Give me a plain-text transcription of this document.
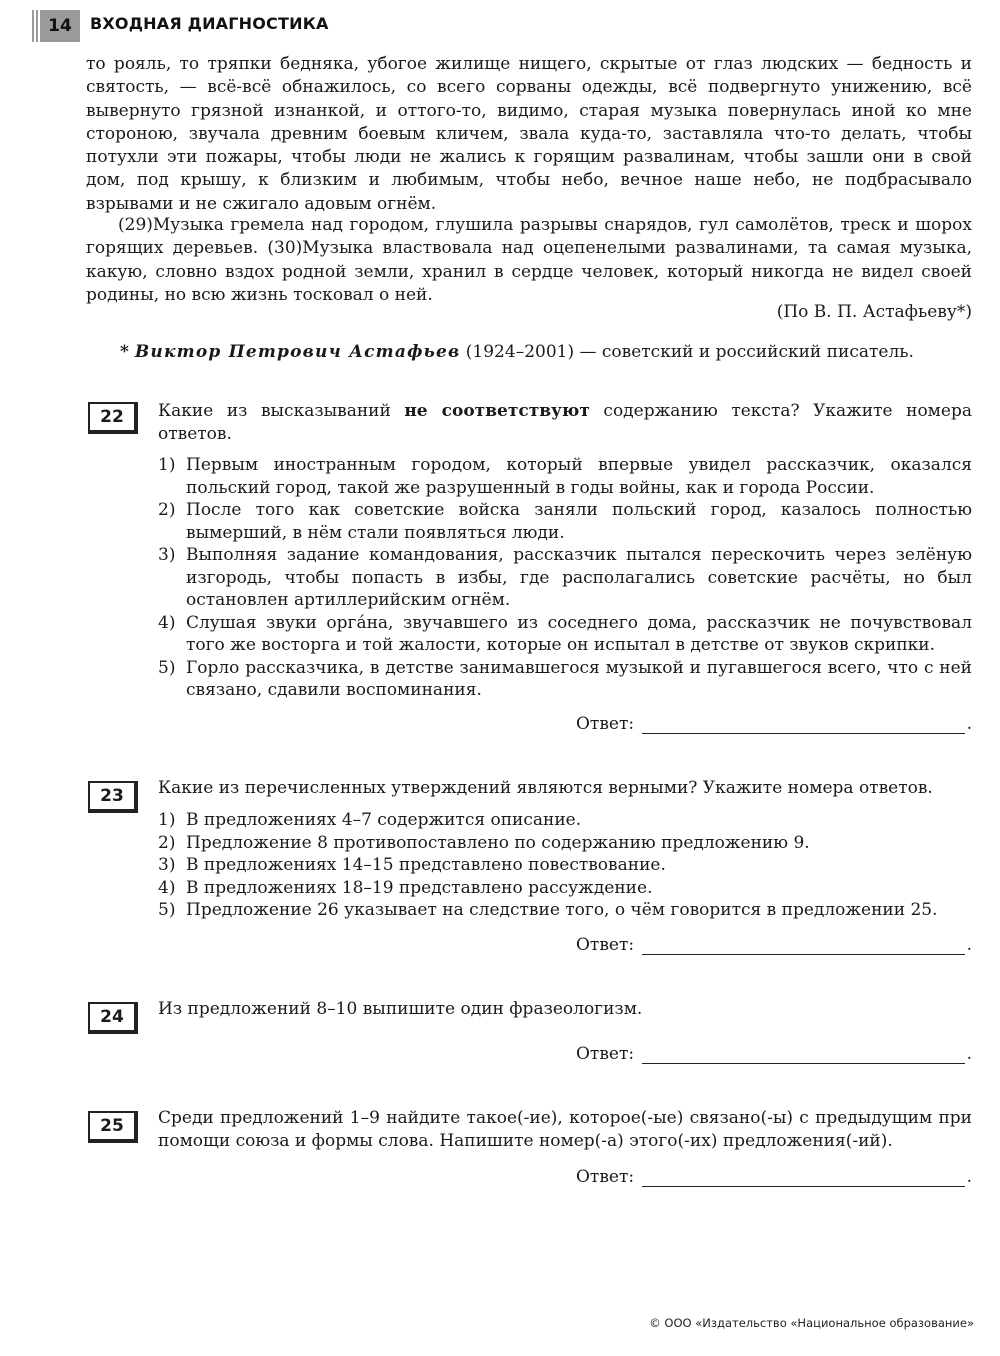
14	ВХОДНАЯ ДИАГНОСТИКА

то рояль, то тряпки бедняка, убогое жилище нищего, скрытые от глаз людских — бедность и святость, — всё-всё обнажилось, со всего сорваны одежды, всё подвергнуто унижению, всё вывернуто грязной изнанкой, и оттого-то, видимо, старая музыка повернулась иной ко мне стороною, звучала древним боевым кличем, звала куда-то, заставляла что-то делать, чтобы потухли эти пожары, чтобы люди не жались к горящим развалинам, чтобы зашли они в свой дом, под крышу, к близким и любимым, чтобы небо, вечное наше небо, не подбрасывало взрывами и не сжигало адовым огнём.

(29)Музыка гремела над городом, глушила разрывы снарядов, гул самолётов, треск и шорох горящих деревьев. (30)Музыка властвовала над оцепенелыми развалинами, та самая музыка, какую, словно вздох родной земли, хранил в сердце человек, который никогда не видел своей родины, но всю жизнь тосковал о ней.

(По В. П. Астафьеву*)
* Виктор Петрович Астафьев (1924–2001) — советский и российский писатель.
22	Какие из высказываний не соответствуют содержанию текста? Укажите номера ответов.

1) Первым иностранным городом, который впервые увидел рассказчик, оказался польский город, такой же разрушенный в годы войны, как и города России.
2) После того как советские войска заняли польский город, казалось полностью вымерший, в нём стали появляться люди.
3) Выполняя задание командования, рассказчик пытался перескочить через зелёную изгородь, чтобы попасть в избы, где располагались советские расчёты, но был остановлен артиллерийским огнём.
4) Слушая звуки орга́на, звучавшего из соседнего дома, рассказчик не почувствовал того же восторга и той жалости, которые он испытал в детстве от звуков скрипки.
5) Горло рассказчика, в детстве занимавшегося музыкой и пугавшегося всего, что с ней связано, сдавили воспоминания.
Ответ:	.
23	Какие из перечисленных утверждений являются верными? Укажите номера ответов.

1) В предложениях 4–7 содержится описание.
2) Предложение 8 противопоставлено по содержанию предложению 9.
3) В предложениях 14–15 представлено повествование.
4) В предложениях 18–19 представлено рассуждение.
5) Предложение 26 указывает на следствие того, о чём говорится в предложении 25.
Ответ:	.
24	Из предложений 8–10 выпишите один фразеологизм.

Ответ:	.
25	Среди предложений 1–9 найдите такое(-ие), которое(-ые) связано(-ы) с предыдущим при помощи союза и формы слова. Напишите номер(-а) этого(-их) предложения(-ий).

Ответ:	.
© ООО «Издательство «Национальное образование»
